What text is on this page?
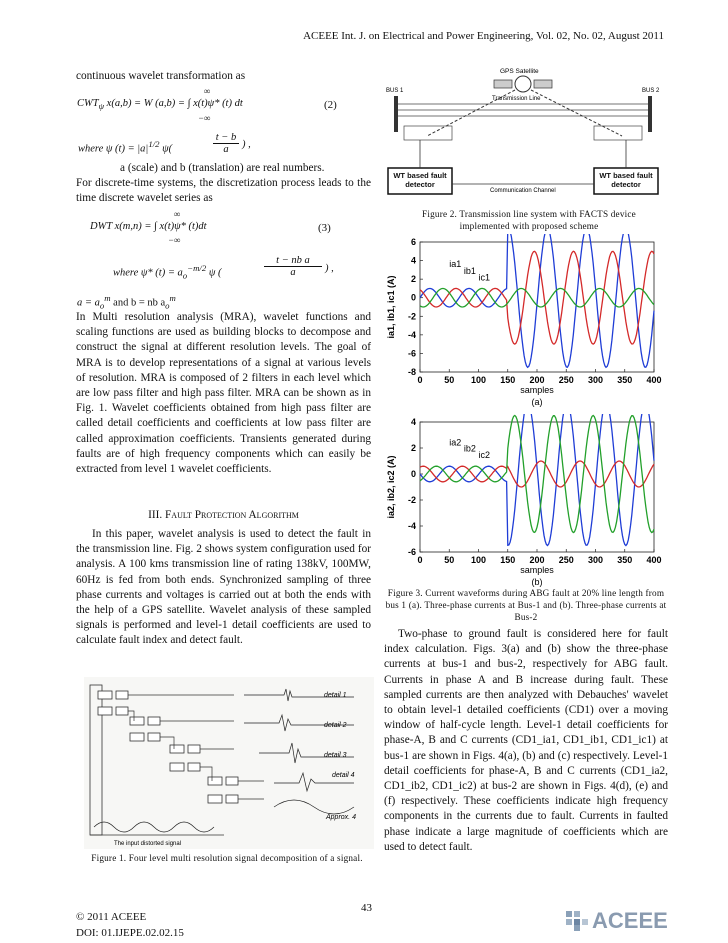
ACEEE Int. J. on Electrical and Power Engineering, Vol. 02, No. 02, August 2011
continuous wavelet transformation as
$CWT_\psi$ x(a,b) = W (a,b) = ∫ x(t)ψ* (t) dt
∞
−∞
(2)
where ψ $(t) = |a|^{1/2}$ ψ(	$\frac{t - b}{a}$ ) ,
a (scale) and b (translation) are real numbers.
For discrete-time systems, the discretization process leads to the time discrete wavelet series as
DWT x(m,n) = ∫ x(t)ψ* (t)dt
∞
−∞
(3)
where ψ* $(t) = a_o^{-m/2}$ ψ (	$\frac{\text{t − nb a}}{a}$ ) ,
$a = a_o^m$ and b = nb $a_o^m$
In Multi resolution analysis (MRA), wavelet functions and scaling functions are used as building blocks to decompose and construct the signal at different resolution levels. The goal of MRA is to develop representations of a signal at various levels of resolution. MRA is composed of 2 filters in each level which are low pass filter and high pass filter. MRA can be shown as in Fig. 1. Wavelet coefficients obtained from high pass filter are called detail coefficients and coefficients at low pass filter are called approximation coefficients. Transients generated during faults are of high frequency components which can easily be extracted from level 1 wavelet coefficients.
III. Fault Protection Algorithm
In this paper, wavelet analysis is used to detect the fault in the transmission line. Fig. 2 shows system configuration used for analysis. A 100 kms transmission line of rating 138kV, 100MW, 60Hz is fed from both ends. Synchronized sampling of three phase currents and voltages is carried out at both the ends with the help of a GPS satellite. Wavelet analysis of these sampled signals is performed and level-1 detail coefficients are used to calculate fault index and detect fault.
detail 1
detail 2
detail 3
detail 4
Approx. 4
The input distorted signal
Figure 1. Four level multi resolution signal decomposition of a signal.
GPS Satellite
BUS 1	BUS 2
Transmission Line
WT based fault detector
WT based fault detector
Communication Channel
Figure 2. Transmission line system with FACTS device implemented with proposed scheme
0 50 100 150 200 250 300 350 400
-8
-6
-4
-2
0
2
4
6
samples
(a)
ia1, ib1, ic1 (A)
ia1
ib1
ic1
0 50 100 150 200 250 300 350 400
-6
-4
-2
0
2
4
samples
(b)
ia2, ib2, ic2 (A)
ia2
ib2
ic2
Figure 3. Current waveforms during ABG fault at 20% line length from bus 1 (a). Three-phase currents at Bus-1 and (b). Three-phase currents at Bus-2
Two-phase to ground fault is considered here for fault index calculation. Figs. 3(a) and (b) show the three-phase currents at bus-1 and bus-2, respectively for ABG fault. Currents in phase A and B increase during fault. These sampled currents are then analyzed with Debauches' wavelet to obtain level-1 detailed coefficients (CD1) over a moving window of half-cycle length. Level-1 detail coefficients for phase-A, B and C currents (CD1_ia1, CD1_ib1, CD1_ic1) at bus-1 are shown in Figs. 4(a), (b) and (c) respectively. Level-1 detail coefficients for phase-A, B and C currents (CD1_ia2, CD1_ib2, CD1_ic2) at bus-2 are shown in Figs. 4(d), (e) and (f) respectively. These coefficients indicate high frequency components in the currents due to fault. Currents in faulted phase indicate a large magnitude of coefficients which are used to detect fault.
43
© 2011 ACEEE
DOI: 01.IJEPE.02.02.15	ACEEE
